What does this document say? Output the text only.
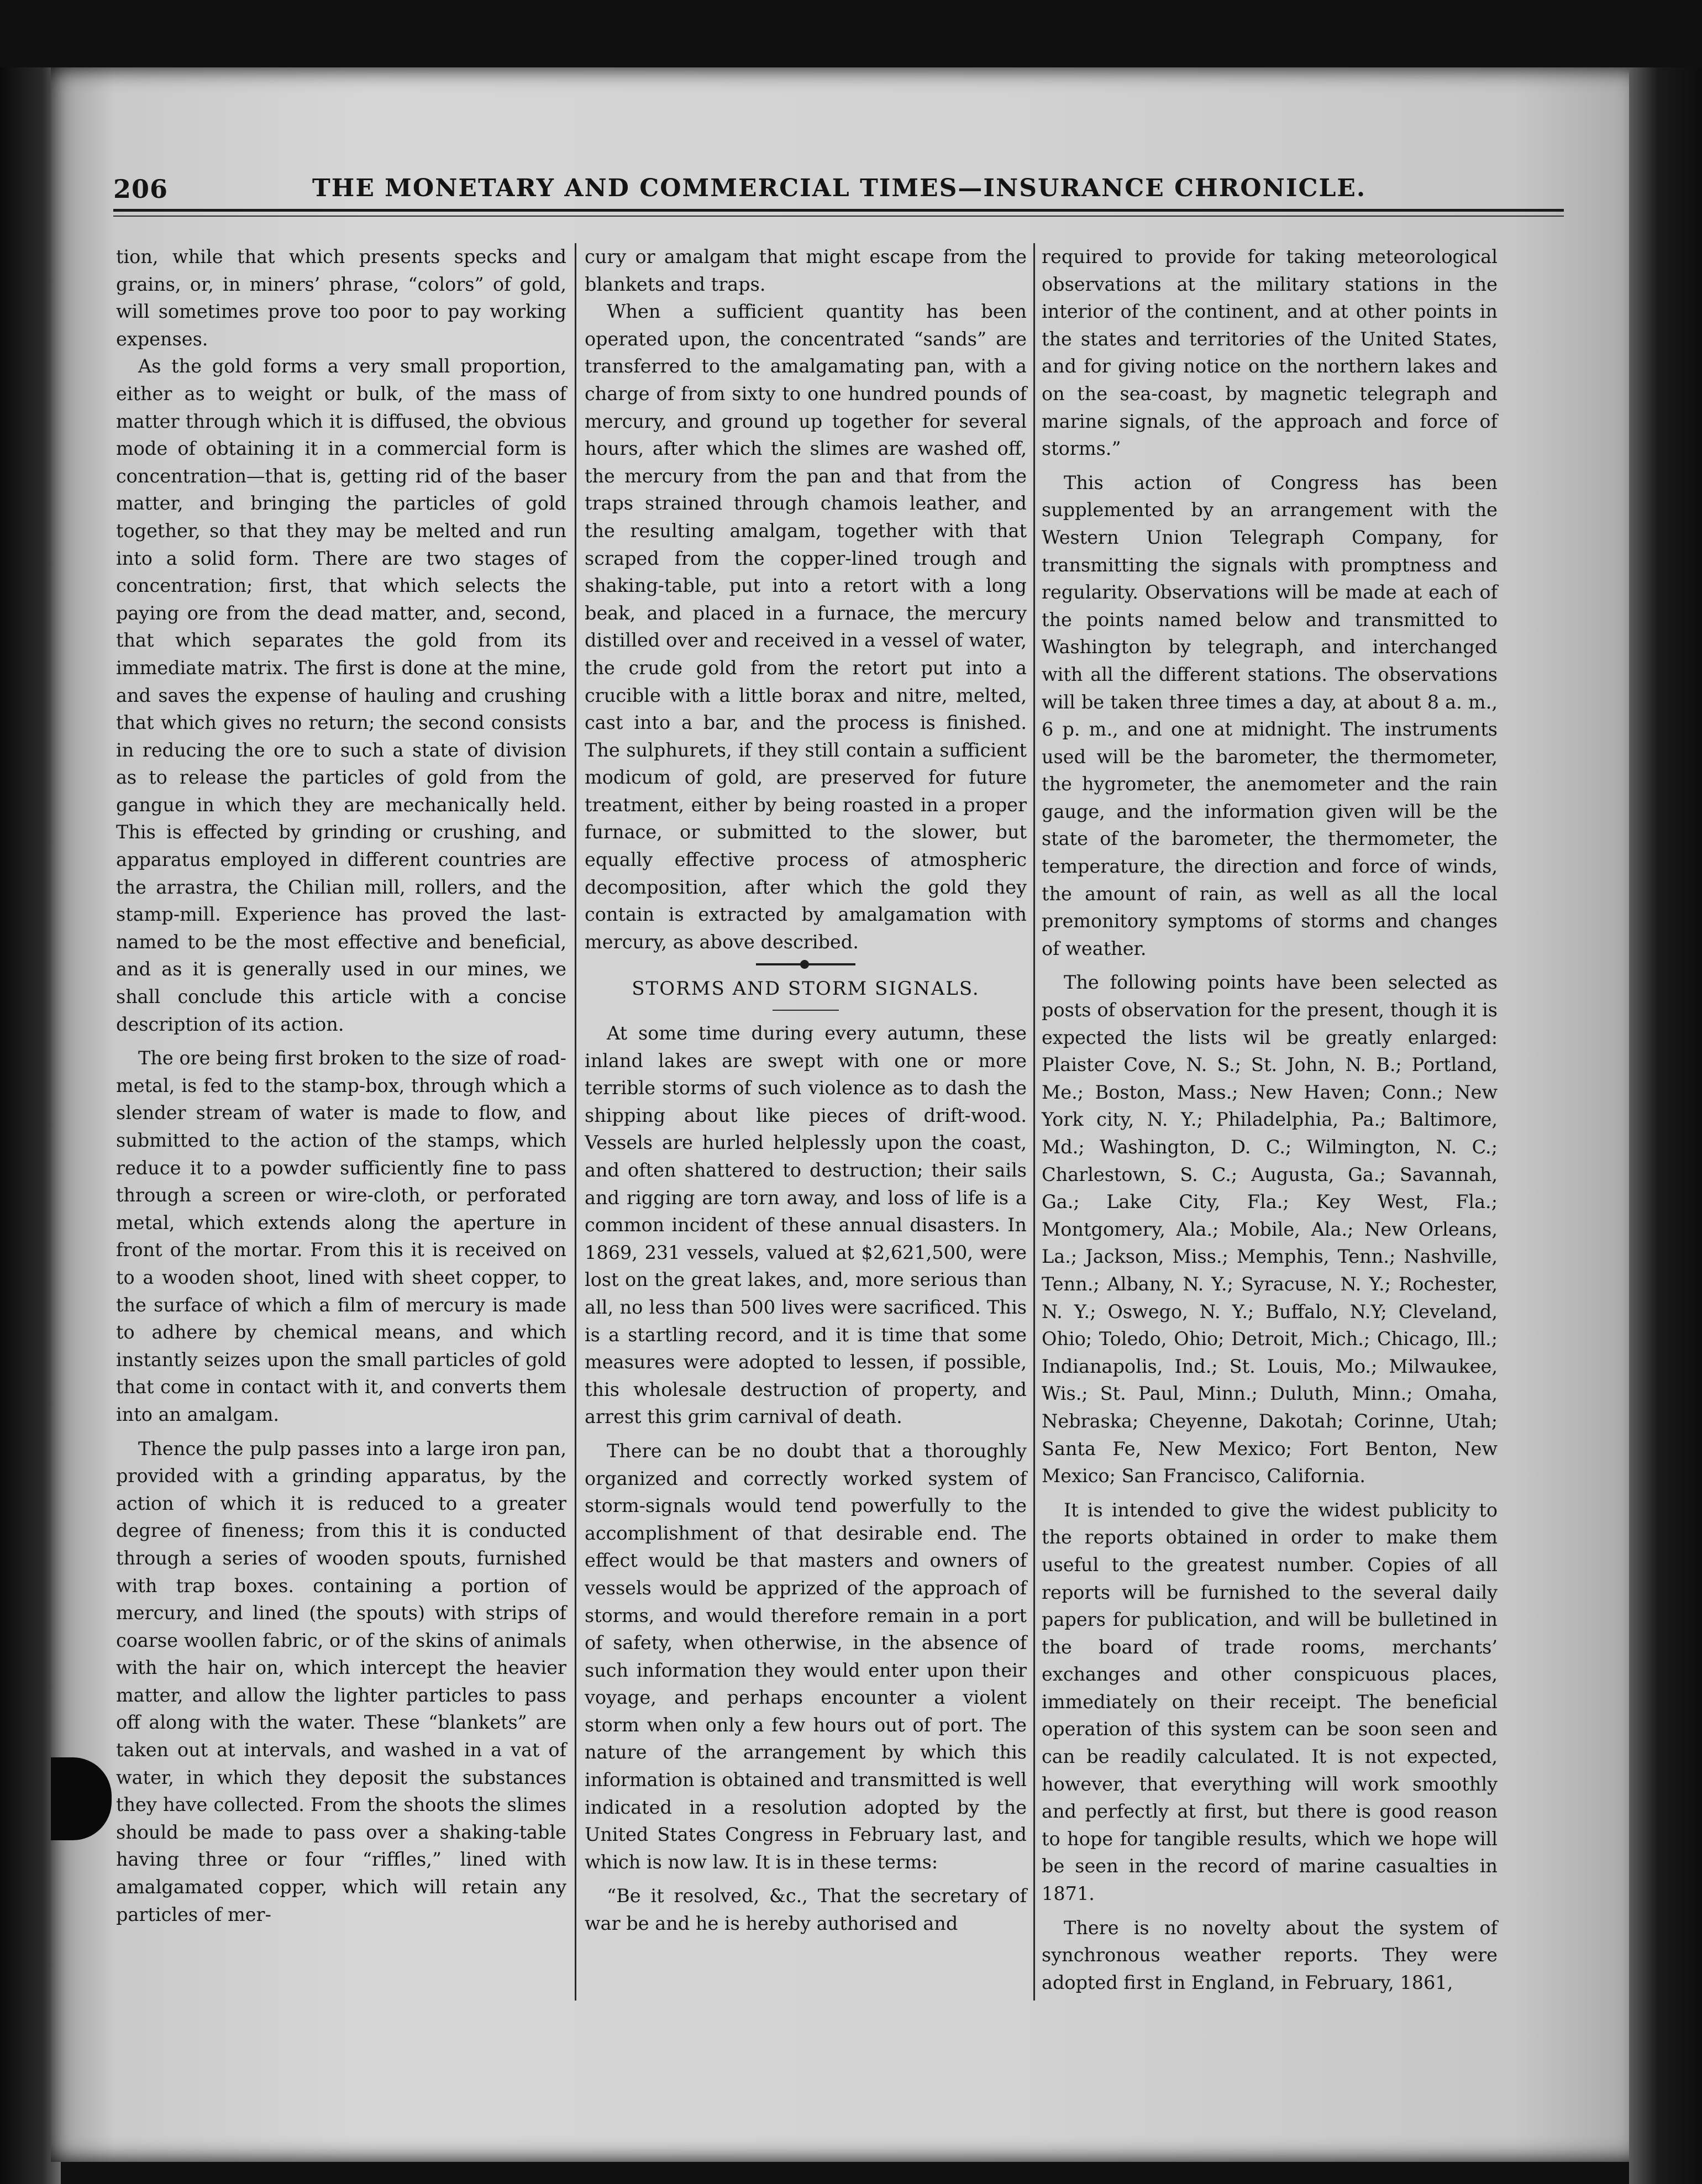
206	THE MONETARY AND COMMERCIAL TIMES—INSURANCE CHRONICLE.

tion, while that which presents specks and grains, or, in miners’ phrase, “colors” of gold, will sometimes prove too poor to pay working expenses.

As the gold forms a very small proportion, either as to weight or bulk, of the mass of matter through which it is diffused, the obvious mode of obtaining it in a commercial form is concentration—that is, getting rid of the baser matter, and bringing the particles of gold together, so that they may be melted and run into a solid form. There are two stages of concentration; first, that which selects the paying ore from the dead matter, and, second, that which separates the gold from its immediate matrix. The first is done at the mine, and saves the expense of hauling and crushing that which gives no return; the second consists in reducing the ore to such a state of division as to release the particles of gold from the gangue in which they are mechanically held. This is effected by grinding or crushing, and apparatus employed in different countries are the arrastra, the Chilian mill, rollers, and the stamp-mill. Experience has proved the last-named to be the most effective and beneficial, and as it is generally used in our mines, we shall conclude this article with a concise description of its action.

The ore being first broken to the size of road-metal, is fed to the stamp-box, through which a slender stream of water is made to flow, and submitted to the action of the stamps, which reduce it to a powder sufficiently fine to pass through a screen or wire-cloth, or perforated metal, which extends along the aperture in front of the mortar. From this it is received on to a wooden shoot, lined with sheet copper, to the surface of which a film of mercury is made to adhere by chemical means, and which instantly seizes upon the small particles of gold that come in contact with it, and converts them into an amalgam.

Thence the pulp passes into a large iron pan, provided with a grinding apparatus, by the action of which it is reduced to a greater degree of fineness; from this it is conducted through a series of wooden spouts, furnished with trap boxes. containing a portion of mercury, and lined (the spouts) with strips of coarse woollen fabric, or of the skins of animals with the hair on, which intercept the heavier matter, and allow the lighter particles to pass off along with the water. These “blankets” are taken out at intervals, and washed in a vat of water, in which they deposit the substances they have collected. From the shoots the slimes should be made to pass over a shaking-table having three or four “riffles,” lined with amalgamated copper, which will retain any particles of mer-

cury or amalgam that might escape from the blankets and traps.

When a sufficient quantity has been operated upon, the concentrated “sands” are transferred to the amalgamating pan, with a charge of from sixty to one hundred pounds of mercury, and ground up together for several hours, after which the slimes are washed off, the mercury from the pan and that from the traps strained through chamois leather, and the resulting amalgam, together with that scraped from the copper-lined trough and shaking-table, put into a retort with a long beak, and placed in a furnace, the mercury distilled over and received in a vessel of water, the crude gold from the retort put into a crucible with a little borax and nitre, melted, cast into a bar, and the process is finished. The sulphurets, if they still contain a sufficient modicum of gold, are preserved for future treatment, either by being roasted in a proper furnace, or submitted to the slower, but equally effective process of atmospheric decomposition, after which the gold they contain is extracted by amalgamation with mercury, as above described.

STORMS AND STORM SIGNALS.

At some time during every autumn, these inland lakes are swept with one or more terrible storms of such violence as to dash the shipping about like pieces of drift-wood. Vessels are hurled helplessly upon the coast, and often shattered to destruction; their sails and rigging are torn away, and loss of life is a common incident of these annual disasters. In 1869, 231 vessels, valued at $2,621,500, were lost on the great lakes, and, more serious than all, no less than 500 lives were sacrificed. This is a startling record, and it is time that some measures were adopted to lessen, if possible, this wholesale destruction of property, and arrest this grim carnival of death.

There can be no doubt that a thoroughly organized and correctly worked system of storm-signals would tend powerfully to the accomplishment of that desirable end. The effect would be that masters and owners of vessels would be apprized of the approach of storms, and would therefore remain in a port of safety, when otherwise, in the absence of such information they would enter upon their voyage, and perhaps encounter a violent storm when only a few hours out of port. The nature of the arrangement by which this information is obtained and transmitted is well indicated in a resolution adopted by the United States Congress in February last, and which is now law. It is in these terms:

“Be it resolved, &c., That the secretary of war be and he is hereby authorised and

required to provide for taking meteorological observations at the military stations in the interior of the continent, and at other points in the states and territories of the United States, and for giving notice on the northern lakes and on the sea-coast, by magnetic telegraph and marine signals, of the approach and force of storms.”

This action of Congress has been supplemented by an arrangement with the Western Union Telegraph Company, for transmitting the signals with promptness and regularity. Observations will be made at each of the points named below and transmitted to Washington by telegraph, and interchanged with all the different stations. The observations will be taken three times a day, at about 8 a. m., 6 p. m., and one at midnight. The instruments used will be the barometer, the thermometer, the hygrometer, the anemometer and the rain gauge, and the information given will be the state of the barometer, the thermometer, the temperature, the direction and force of winds, the amount of rain, as well as all the local premonitory symptoms of storms and changes of weather.

The following points have been selected as posts of observation for the present, though it is expected the lists wil be greatly enlarged: Plaister Cove, N. S.; St. John, N. B.; Portland, Me.; Boston, Mass.; New Haven; Conn.; New York city, N. Y.; Philadelphia, Pa.; Baltimore, Md.; Washington, D. C.; Wilmington, N. C.; Charlestown, S. C.; Augusta, Ga.; Savannah, Ga.; Lake City, Fla.; Key West, Fla.; Montgomery, Ala.; Mobile, Ala.; New Orleans, La.; Jackson, Miss.; Memphis, Tenn.; Nashville, Tenn.; Albany, N. Y.; Syracuse, N. Y.; Rochester, N. Y.; Oswego, N. Y.; Buffalo, N.Y; Cleveland, Ohio; Toledo, Ohio; Detroit, Mich.; Chicago, Ill.; Indianapolis, Ind.; St. Louis, Mo.; Milwaukee, Wis.; St. Paul, Minn.; Duluth, Minn.; Omaha, Nebraska; Cheyenne, Dakotah; Corinne, Utah; Santa Fe, New Mexico; Fort Benton, New Mexico; San Francisco, California.

It is intended to give the widest publicity to the reports obtained in order to make them useful to the greatest number. Copies of all reports will be furnished to the several daily papers for publication, and will be bulletined in the board of trade rooms, merchants’ exchanges and other conspicuous places, immediately on their receipt. The beneficial operation of this system can be soon seen and can be readily calculated. It is not expected, however, that everything will work smoothly and perfectly at first, but there is good reason to hope for tangible results, which we hope will be seen in the record of marine casualties in 1871.

There is no novelty about the system of synchronous weather reports. They were adopted first in England, in February, 1861,
